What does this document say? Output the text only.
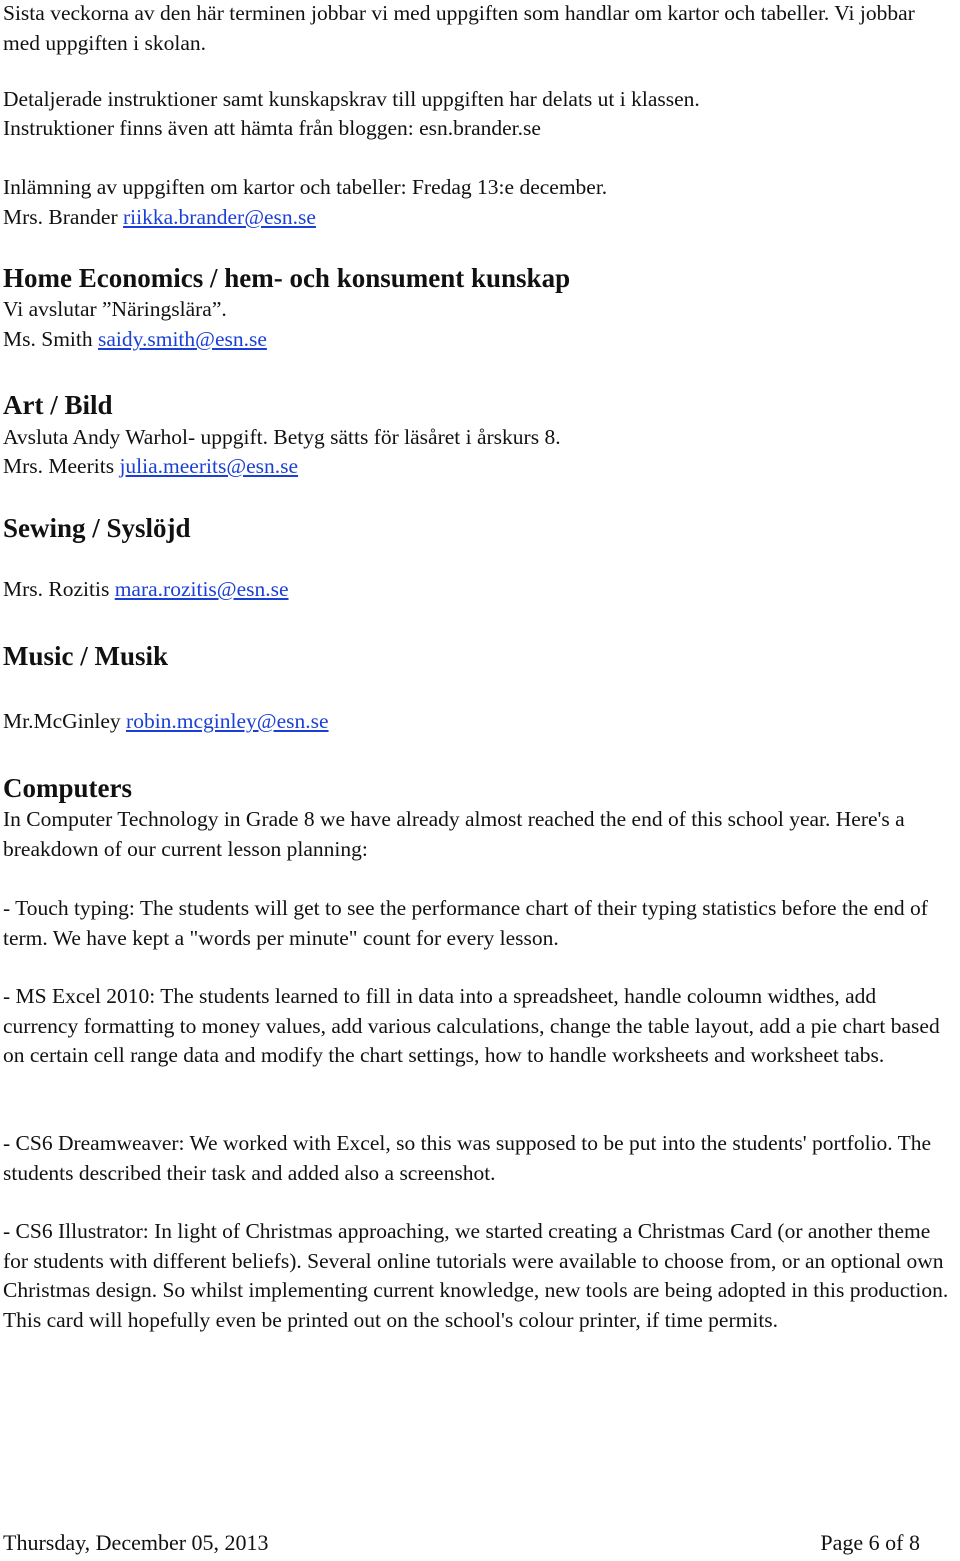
Sista veckorna av den här terminen jobbar vi med uppgiften som handlar om kartor och tabeller. Vi jobbar med uppgiften i skolan.

Detaljerade instruktioner samt kunskapskrav till uppgiften har delats ut i klassen.
Instruktioner finns även att hämta från bloggen: esn.brander.se
Inlämning av uppgiften om kartor och tabeller: Fredag 13:e december.
Mrs. Brander riikka.brander@esn.se
Home Economics / hem- och konsument kunskap
Vi avslutar ”Näringslära”.
Ms. Smith saidy.smith@esn.se
Art / Bild
Avsluta Andy Warhol- uppgift. Betyg sätts för läsåret i årskurs 8.
Mrs. Meerits julia.meerits@esn.se
Sewing / Syslöjd
Mrs. Rozitis mara.rozitis@esn.se
Music / Musik
Mr.McGinley robin.mcginley@esn.se
Computers

In Computer Technology in Grade 8 we have already almost reached the end of this school year. Here's a breakdown of our current lesson planning:

- Touch typing: The students will get to see the performance chart of their typing statistics before the end of term. We have kept a "words per minute" count for every lesson.

- MS Excel 2010: The students learned to fill in data into a spreadsheet, handle coloumn widthes, add currency formatting to money values, add various calculations, change the table layout, add a pie chart based on certain cell range data and modify the chart settings, how to handle worksheets and worksheet tabs.

- CS6 Dreamweaver: We worked with Excel, so this was supposed to be put into the students' portfolio. The students described their task and added also a screenshot.

- CS6 Illustrator: In light of Christmas approaching, we started creating a Christmas Card (or another theme for students with different beliefs). Several online tutorials were available to choose from, or an optional own Christmas design. So whilst implementing current knowledge, new tools are being adopted in this production. This card will hopefully even be printed out on the school's colour printer, if time permits.

Thursday, December 05, 2013	Page 6 of 8
